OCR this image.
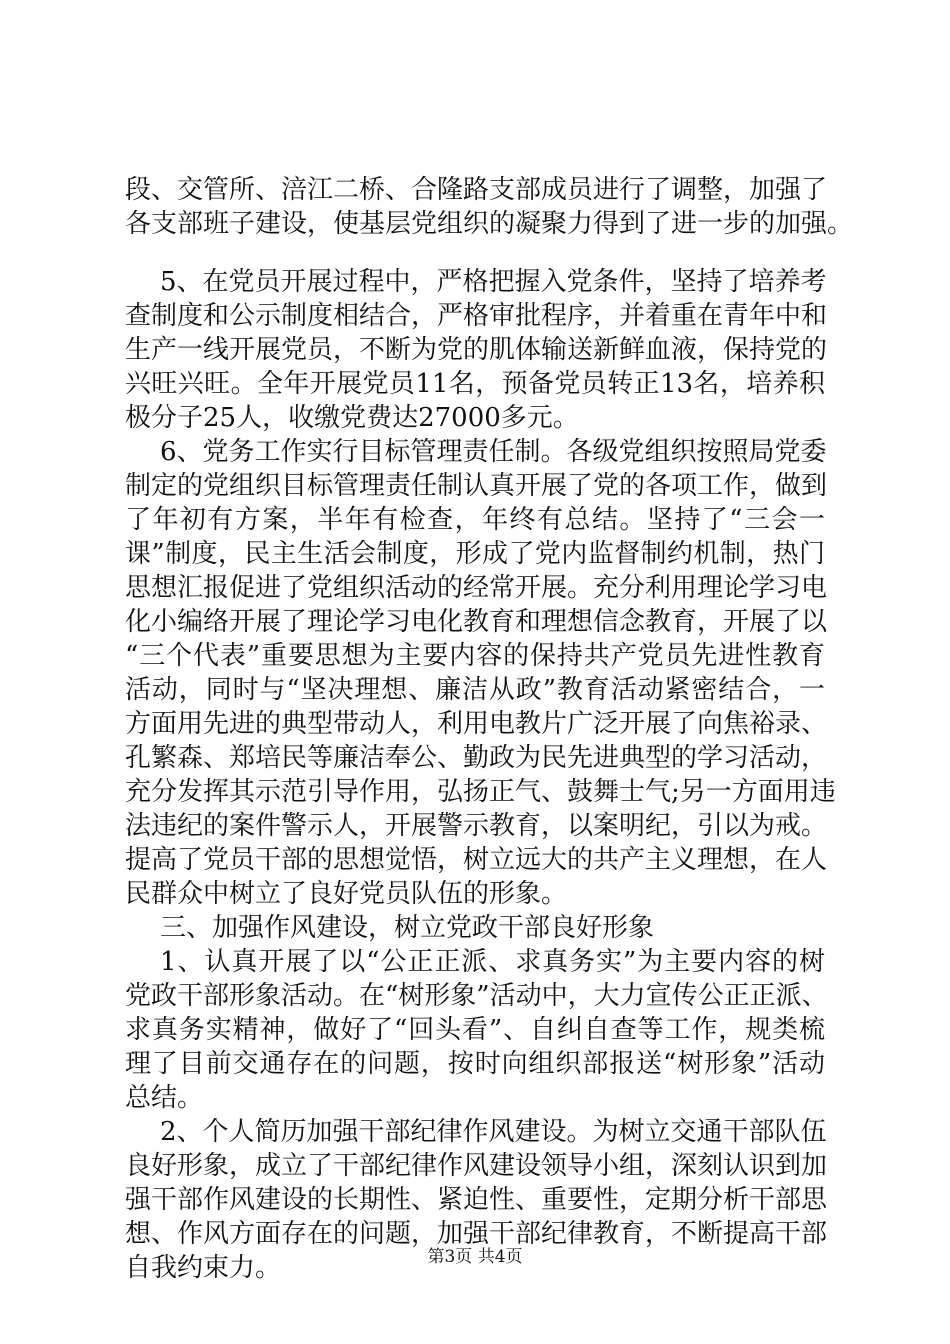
段、交管所、涪江二桥、合隆路支部成员进行了调整，加强了
各支部班子建设，使基层党组织的凝聚力得到了进一步的加强。
5、在党员开展过程中，严格把握入党条件，坚持了培养考
查制度和公示制度相结合，严格审批程序，并着重在青年中和
生产一线开展党员，不断为党的肌体输送新鲜血液，保持党的
兴旺兴旺。全年开展党员11名，预备党员转正13名，培养积
极分子25人，收缴党费达27000多元。
6、党务工作实行目标管理责任制。各级党组织按照局党委
制定的党组织目标管理责任制认真开展了党的各项工作，做到
了年初有方案，半年有检查，年终有总结。坚持了“三会一
课”制度，民主生活会制度，形成了党内监督制约机制，热门
思想汇报促进了党组织活动的经常开展。充分利用理论学习电
化小编络开展了理论学习电化教育和理想信念教育，开展了以
“三个代表”重要思想为主要内容的保持共产党员先进性教育
活动，同时与“坚决理想、廉洁从政”教育活动紧密结合，一
方面用先进的典型带动人，利用电教片广泛开展了向焦裕录、
孔繁森、郑培民等廉洁奉公、勤政为民先进典型的学习活动，
充分发挥其示范引导作用，弘扬正气、鼓舞士气;另一方面用违
法违纪的案件警示人，开展警示教育，以案明纪，引以为戒。
提高了党员干部的思想觉悟，树立远大的共产主义理想，在人
民群众中树立了良好党员队伍的形象。
三、加强作风建设，树立党政干部良好形象
1、认真开展了以“公正正派、求真务实”为主要内容的树
党政干部形象活动。在“树形象”活动中，大力宣传公正正派、
求真务实精神，做好了“回头看”、自纠自查等工作，规类梳
理了目前交通存在的问题，按时向组织部报送“树形象”活动
总结。
2、个人简历加强干部纪律作风建设。为树立交通干部队伍
良好形象，成立了干部纪律作风建设领导小组，深刻认识到加
强干部作风建设的长期性、紧迫性、重要性，定期分析干部思
想、作风方面存在的问题，加强干部纪律教育，不断提高干部
自我约束力。	第3页 共4页
